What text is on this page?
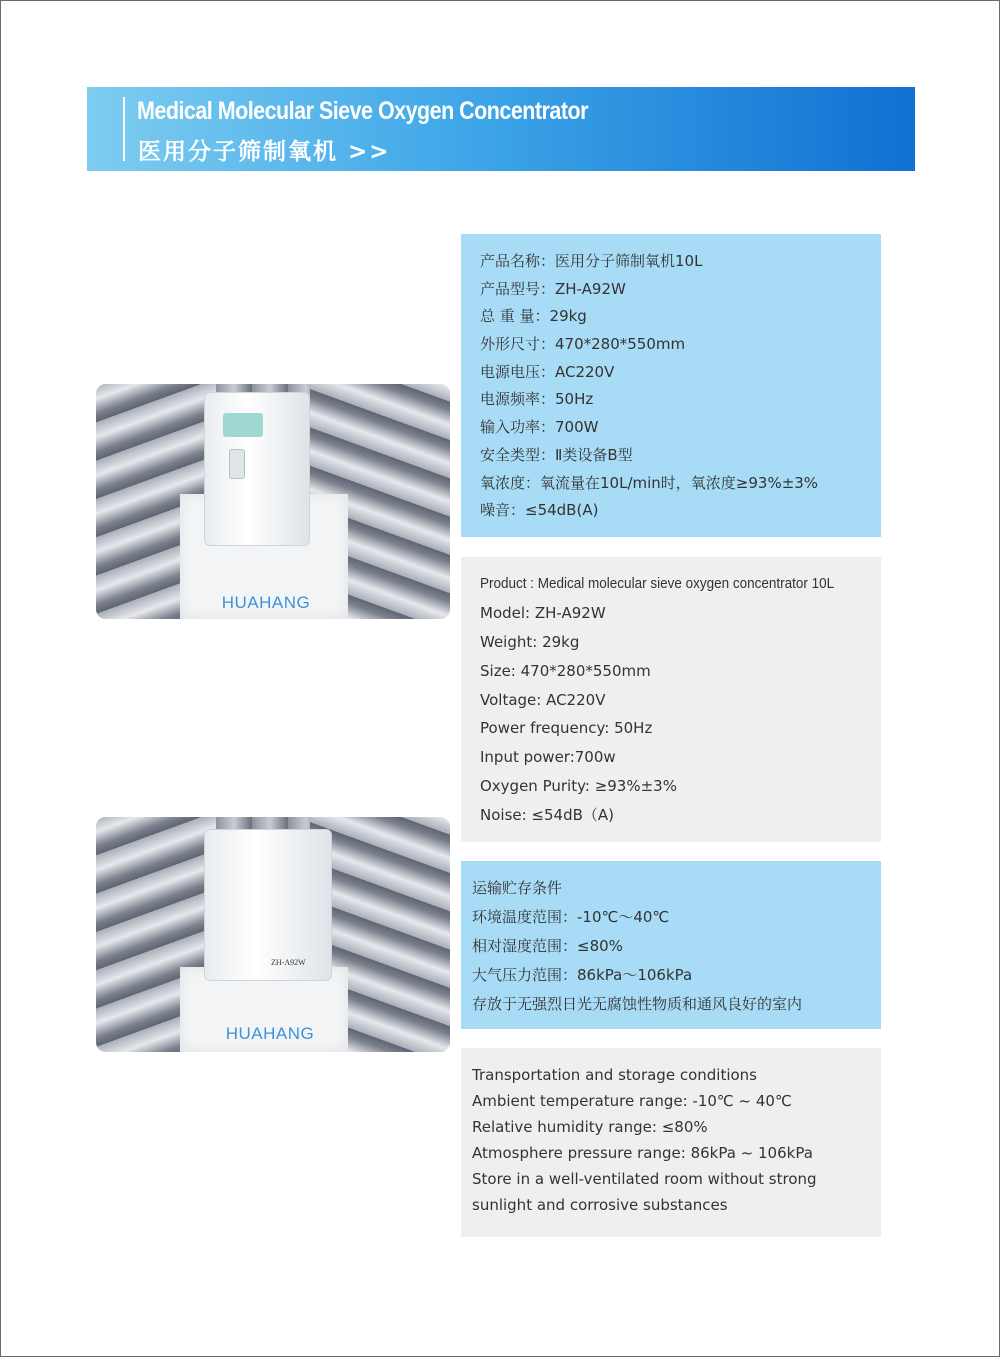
Medical Molecular Sieve Oxygen Concentrator
医用分子筛制氧机 >>
HUAHANG
ZH-A92W
HUAHANG
产品名称：医用分子筛制氧机10L
产品型号：ZH-A92W
总 重 量：29kg
外形尺寸：470*280*550mm
电源电压：AC220V
电源频率：50Hz
输入功率：700W
安全类型：Ⅱ类设备B型
氧浓度：氧流量在10L/min时，氧浓度≥93%±3%
噪音：≤54dB(A)
Product : Medical molecular sieve oxygen concentrator 10L
Model: ZH-A92W
Weight: 29kg
Size: 470*280*550mm
Voltage: AC220V
Power frequency: 50Hz
Input power:700w
Oxygen Purity: ≥93%±3%
Noise: ≤54dB（A)
运输贮存条件
环境温度范围：-10℃～40℃
相对湿度范围：≤80%
大气压力范围：86kPa～106kPa
存放于无强烈日光无腐蚀性物质和通风良好的室内
Transportation and storage conditions
Ambient temperature range: -10℃ ~ 40℃
Relative humidity range: ≤80%
Atmosphere pressure range: 86kPa ~ 106kPa
Store in a well-ventilated room without strong
sunlight and corrosive substances
